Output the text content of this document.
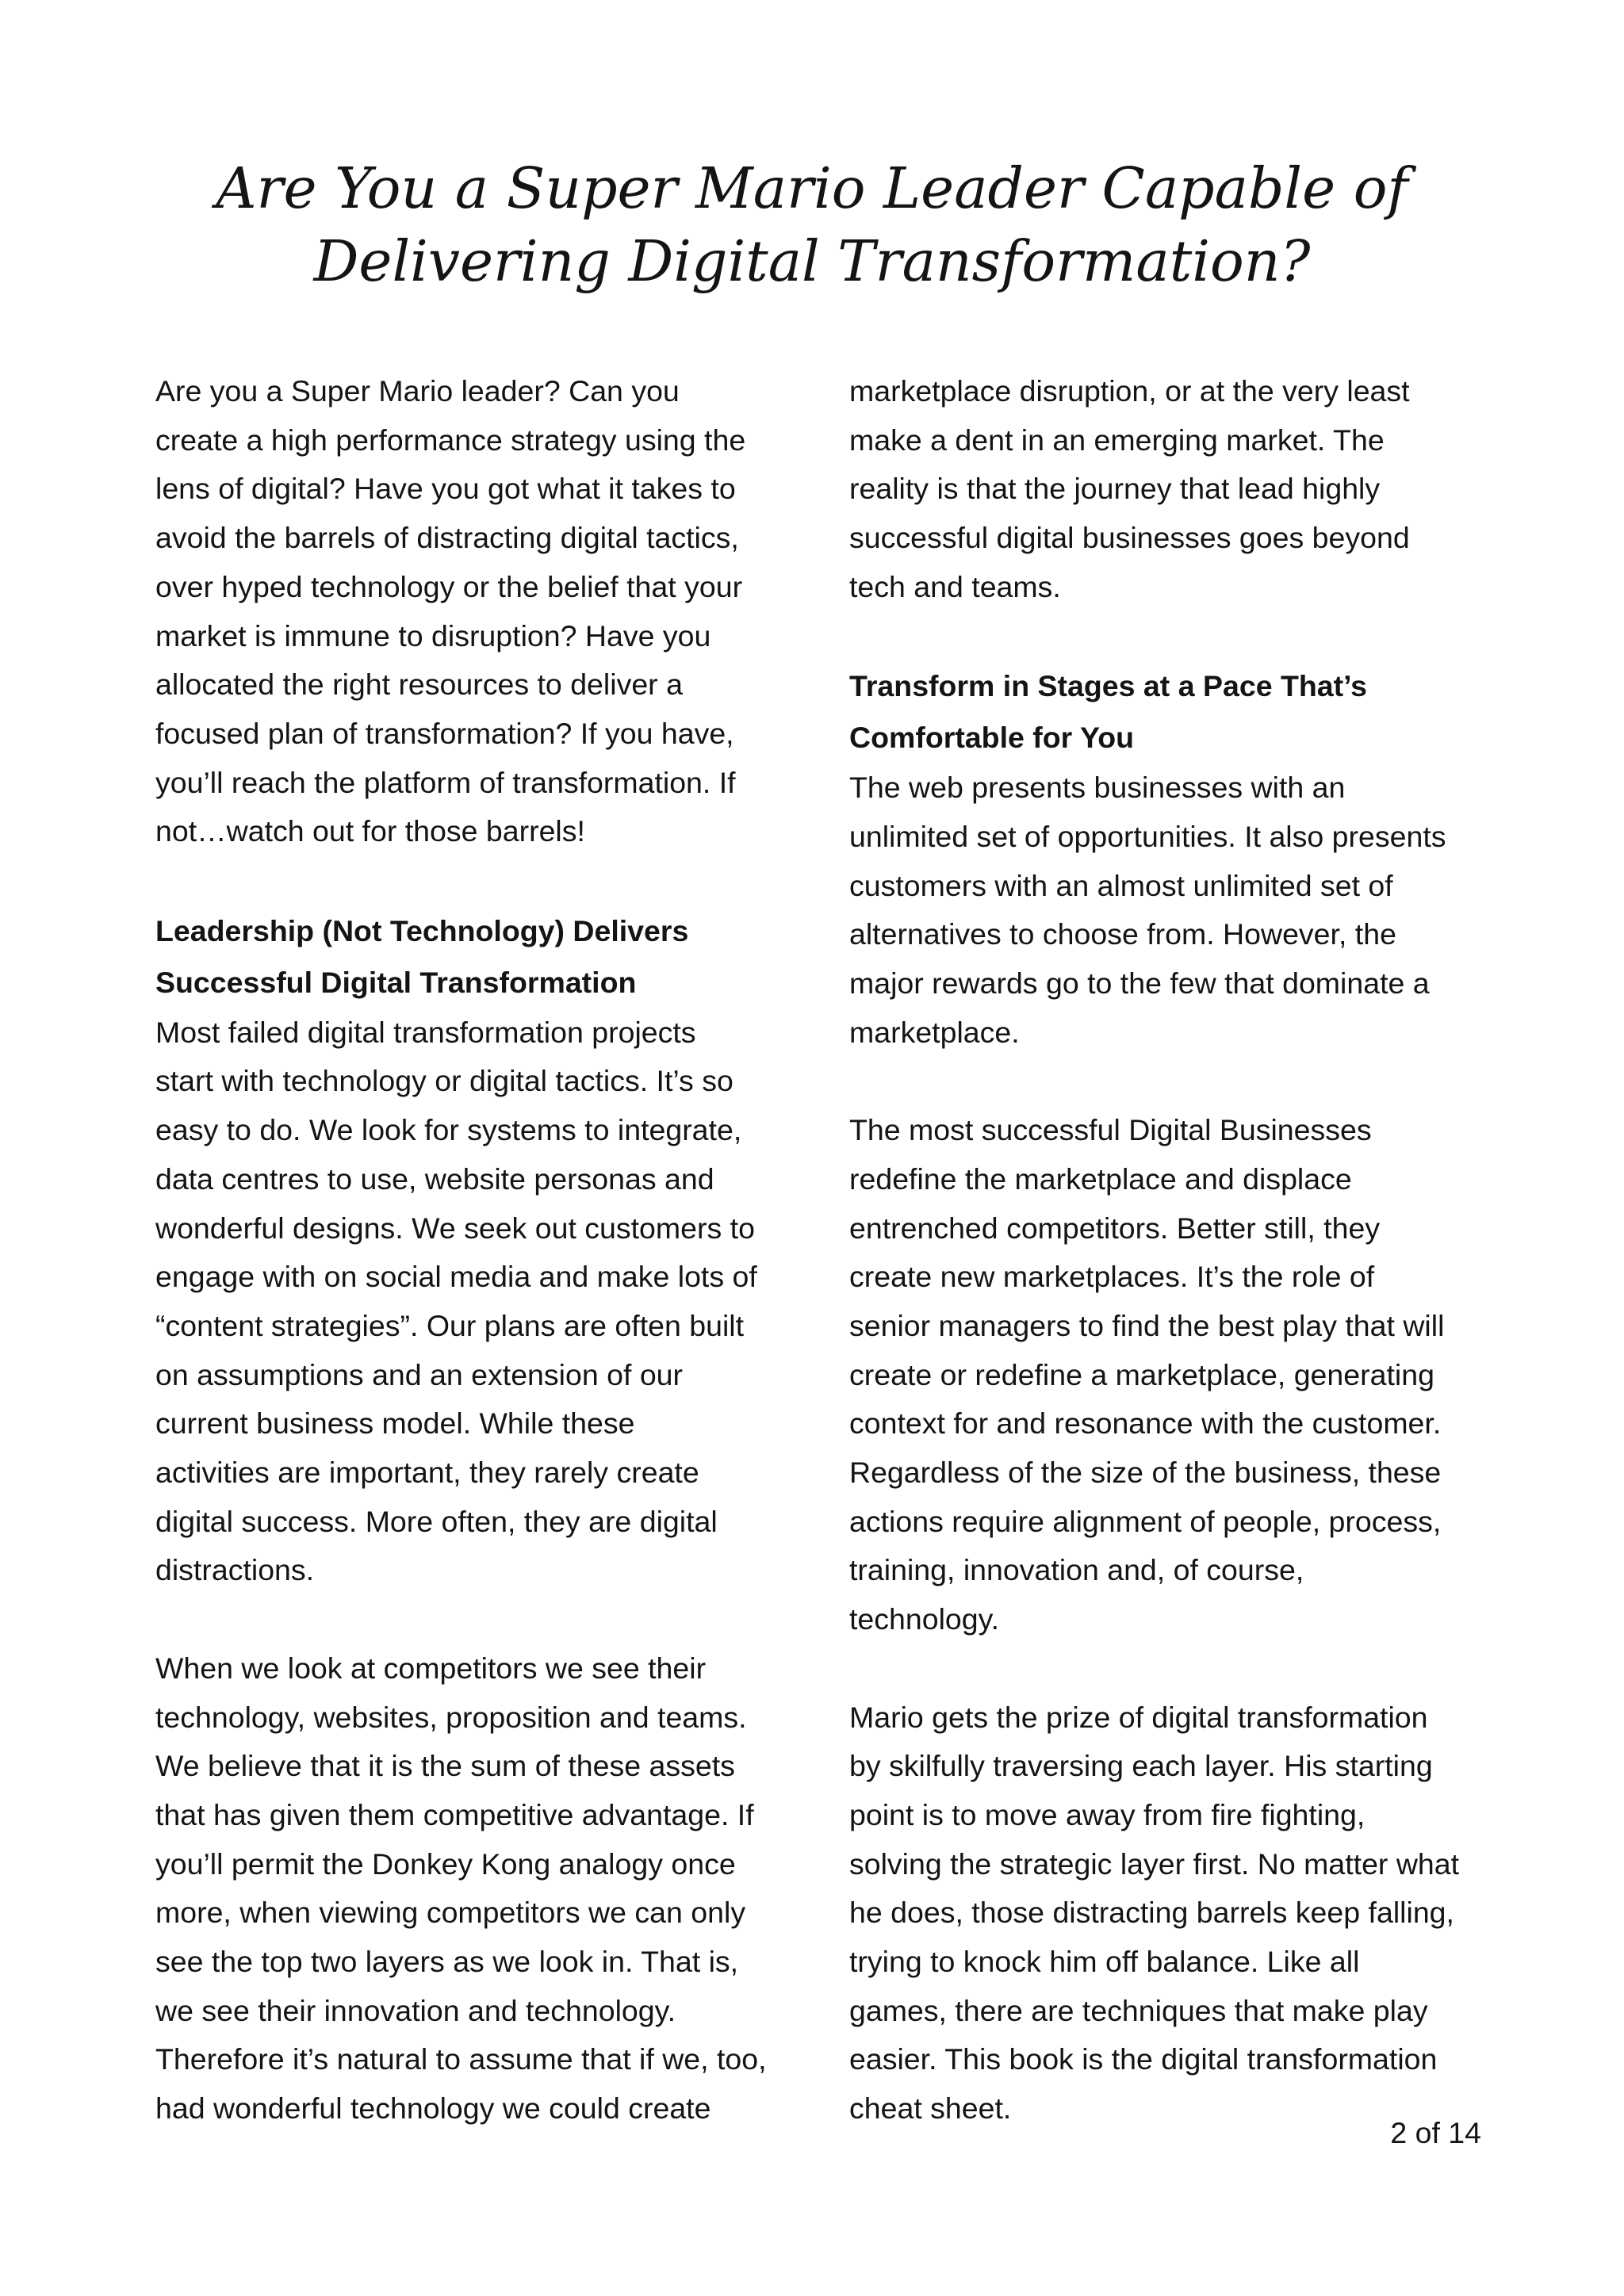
Are You a Super Mario Leader Capable of
Delivering Digital Transformation?

Are you a Super Mario leader? Can you
create a high performance strategy using the
lens of digital? Have you got what it takes to
avoid the barrels of distracting digital tactics,
over hyped technology or the belief that your
market is immune to disruption? Have you
allocated the right resources to deliver a
focused plan of transformation? If you have,
you’ll reach the platform of transformation. If
not…watch out for those barrels!

Leadership (Not Technology) Delivers
Successful Digital Transformation

Most failed digital transformation projects
start with technology or digital tactics. It’s so
easy to do. We look for systems to integrate,
data centres to use, website personas and
wonderful designs. We seek out customers to
engage with on social media and make lots of
“content strategies”. Our plans are often built
on assumptions and an extension of our
current business model. While these
activities are important, they rarely create
digital success. More often, they are digital
distractions.

When we look at competitors we see their
technology, websites, proposition and teams.
We believe that it is the sum of these assets
that has given them competitive advantage. If
you’ll permit the Donkey Kong analogy once
more, when viewing competitors we can only
see the top two layers as we look in. That is,
we see their innovation and technology.
Therefore it’s natural to assume that if we, too,
had wonderful technology we could create

marketplace disruption, or at the very least
make a dent in an emerging market. The
reality is that the journey that lead highly
successful digital businesses goes beyond
tech and teams.

Transform in Stages at a Pace That’s
Comfortable for You

The web presents businesses with an
unlimited set of opportunities. It also presents
customers with an almost unlimited set of
alternatives to choose from. However, the
major rewards go to the few that dominate a
marketplace.

The most successful Digital Businesses
redefine the marketplace and displace
entrenched competitors. Better still, they
create new marketplaces. It’s the role of
senior managers to find the best play that will
create or redefine a marketplace, generating
context for and resonance with the customer.
Regardless of the size of the business, these
actions require alignment of people, process,
training, innovation and, of course,
technology.

Mario gets the prize of digital transformation
by skilfully traversing each layer. His starting
point is to move away from fire fighting,
solving the strategic layer first. No matter what
he does, those distracting barrels keep falling,
trying to knock him off balance. Like all
games, there are techniques that make play
easier. This book is the digital transformation
cheat sheet.

2 of 14
